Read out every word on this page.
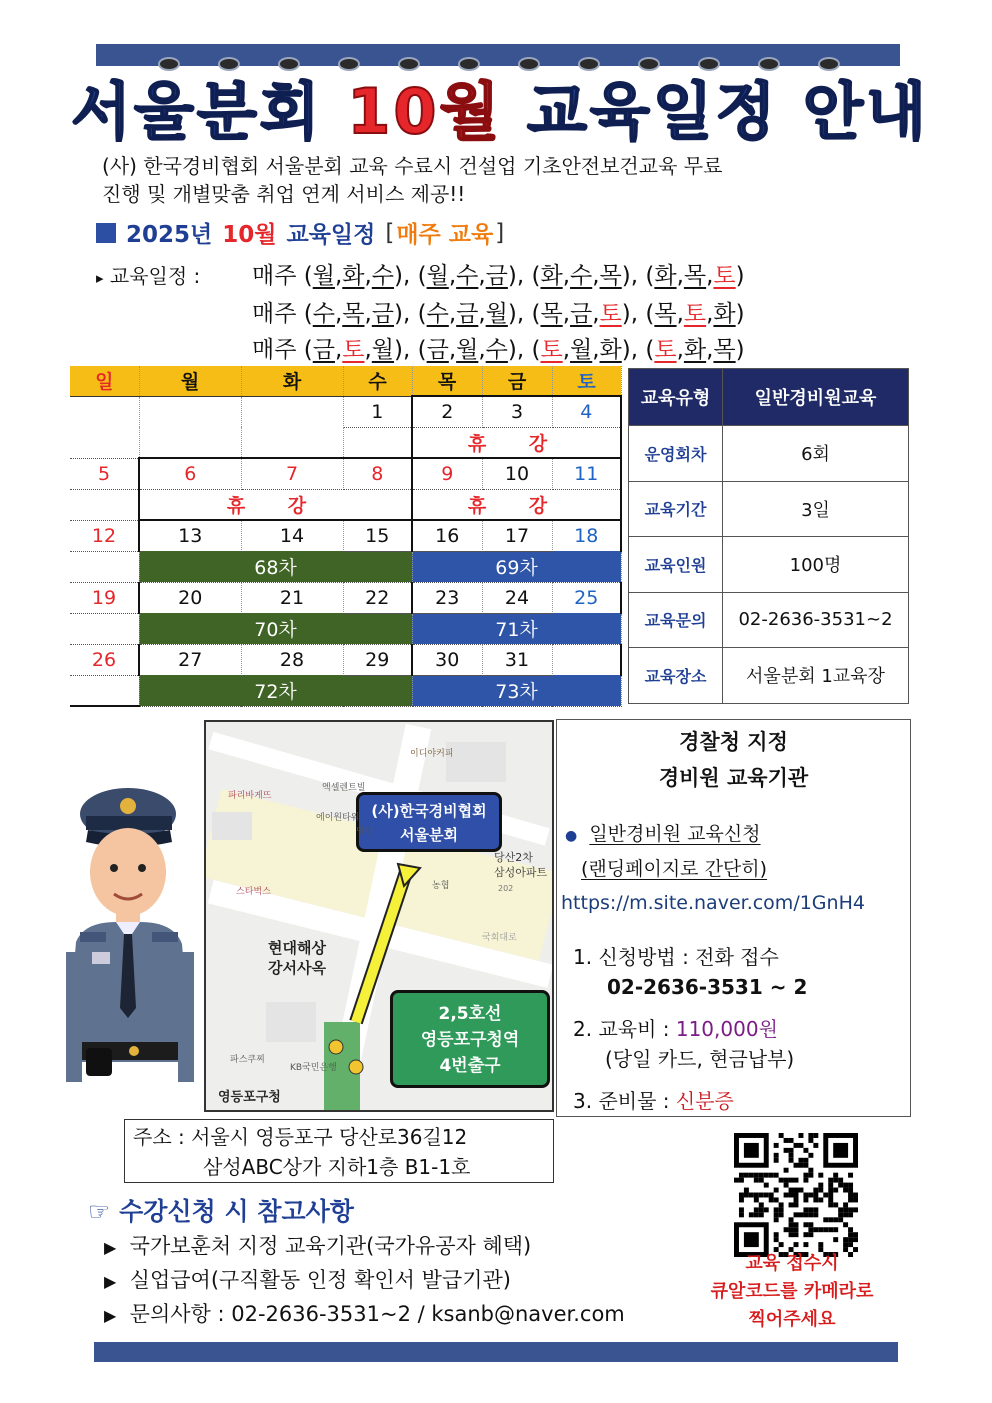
서울분회 10월 교육일정 안내
(사) 한국경비협회 서울분회 교육 수료시 건설업 기초안전보건교육 무료
진행 및 개별맞춤 취업 연계 서비스 제공!!
2025년 10월 교육일정 [ 매주 교육 ]
▸ 교육일정 : 매주 (월,화,수), (월,수,금), (화,수,목), (화,목,토)
매주 (수,목,금), (수,금,월), (목,금,토), (목,토,화)
매주 (금,토,월), (금,월,수), (토,월,화), (토,화,목)
일	월	화	수	목	금	토
			1	2	3	4
				휴 강		
5	6	7	8	9	10	11
	휴 강			휴 강		
12	13	14	15	16	17	18
	68차			69차		
19	20	21	22	23	24	25
	70차			71차		
26	27	28	29	30	31	
	72차			73차		
교육유형	일반경비원교육
운영회차	6회
교육기간	3일
교육인원	100명
교육문의	02-2636-3531~2
교육장소	서울분회 1교육장
(사)한국경비협회
서울분회
2,5호선
영등포구청역
4번출구
현대해상
강서사옥
영등포구청
당산2차
삼성아파트
이디야커피
엑셀렌트빌
에이원타워
파리바게뜨
스타벅스
농협
파스쿠찌
KB국민은행
국회대로
당산
202
경찰청 지정
경비원 교육기관
● 일반경비원 교육신청
(랜딩페이지로 간단히)
https://m.site.naver.com/1GnH4
1. 신청방법 : 전화 접수
02-2636-3531 ~ 2
2. 교육비 : 110,000원
(당일 카드, 현금납부)
3. 준비물 : 신분증
주소 : 서울시 영등포구 당산로36길12
삼성ABC상가 지하1층 B1-1호
☞ 수강신청 시 참고사항
▶ 국가보훈처 지정 교육기관(국가유공자 혜택)
▶ 실업급여(구직활동 인정 확인서 발급기관)
▶ 문의사항 : 02-2636-3531~2 / ksanb@naver.com
교육 접수시
큐알코드를 카메라로
찍어주세요
